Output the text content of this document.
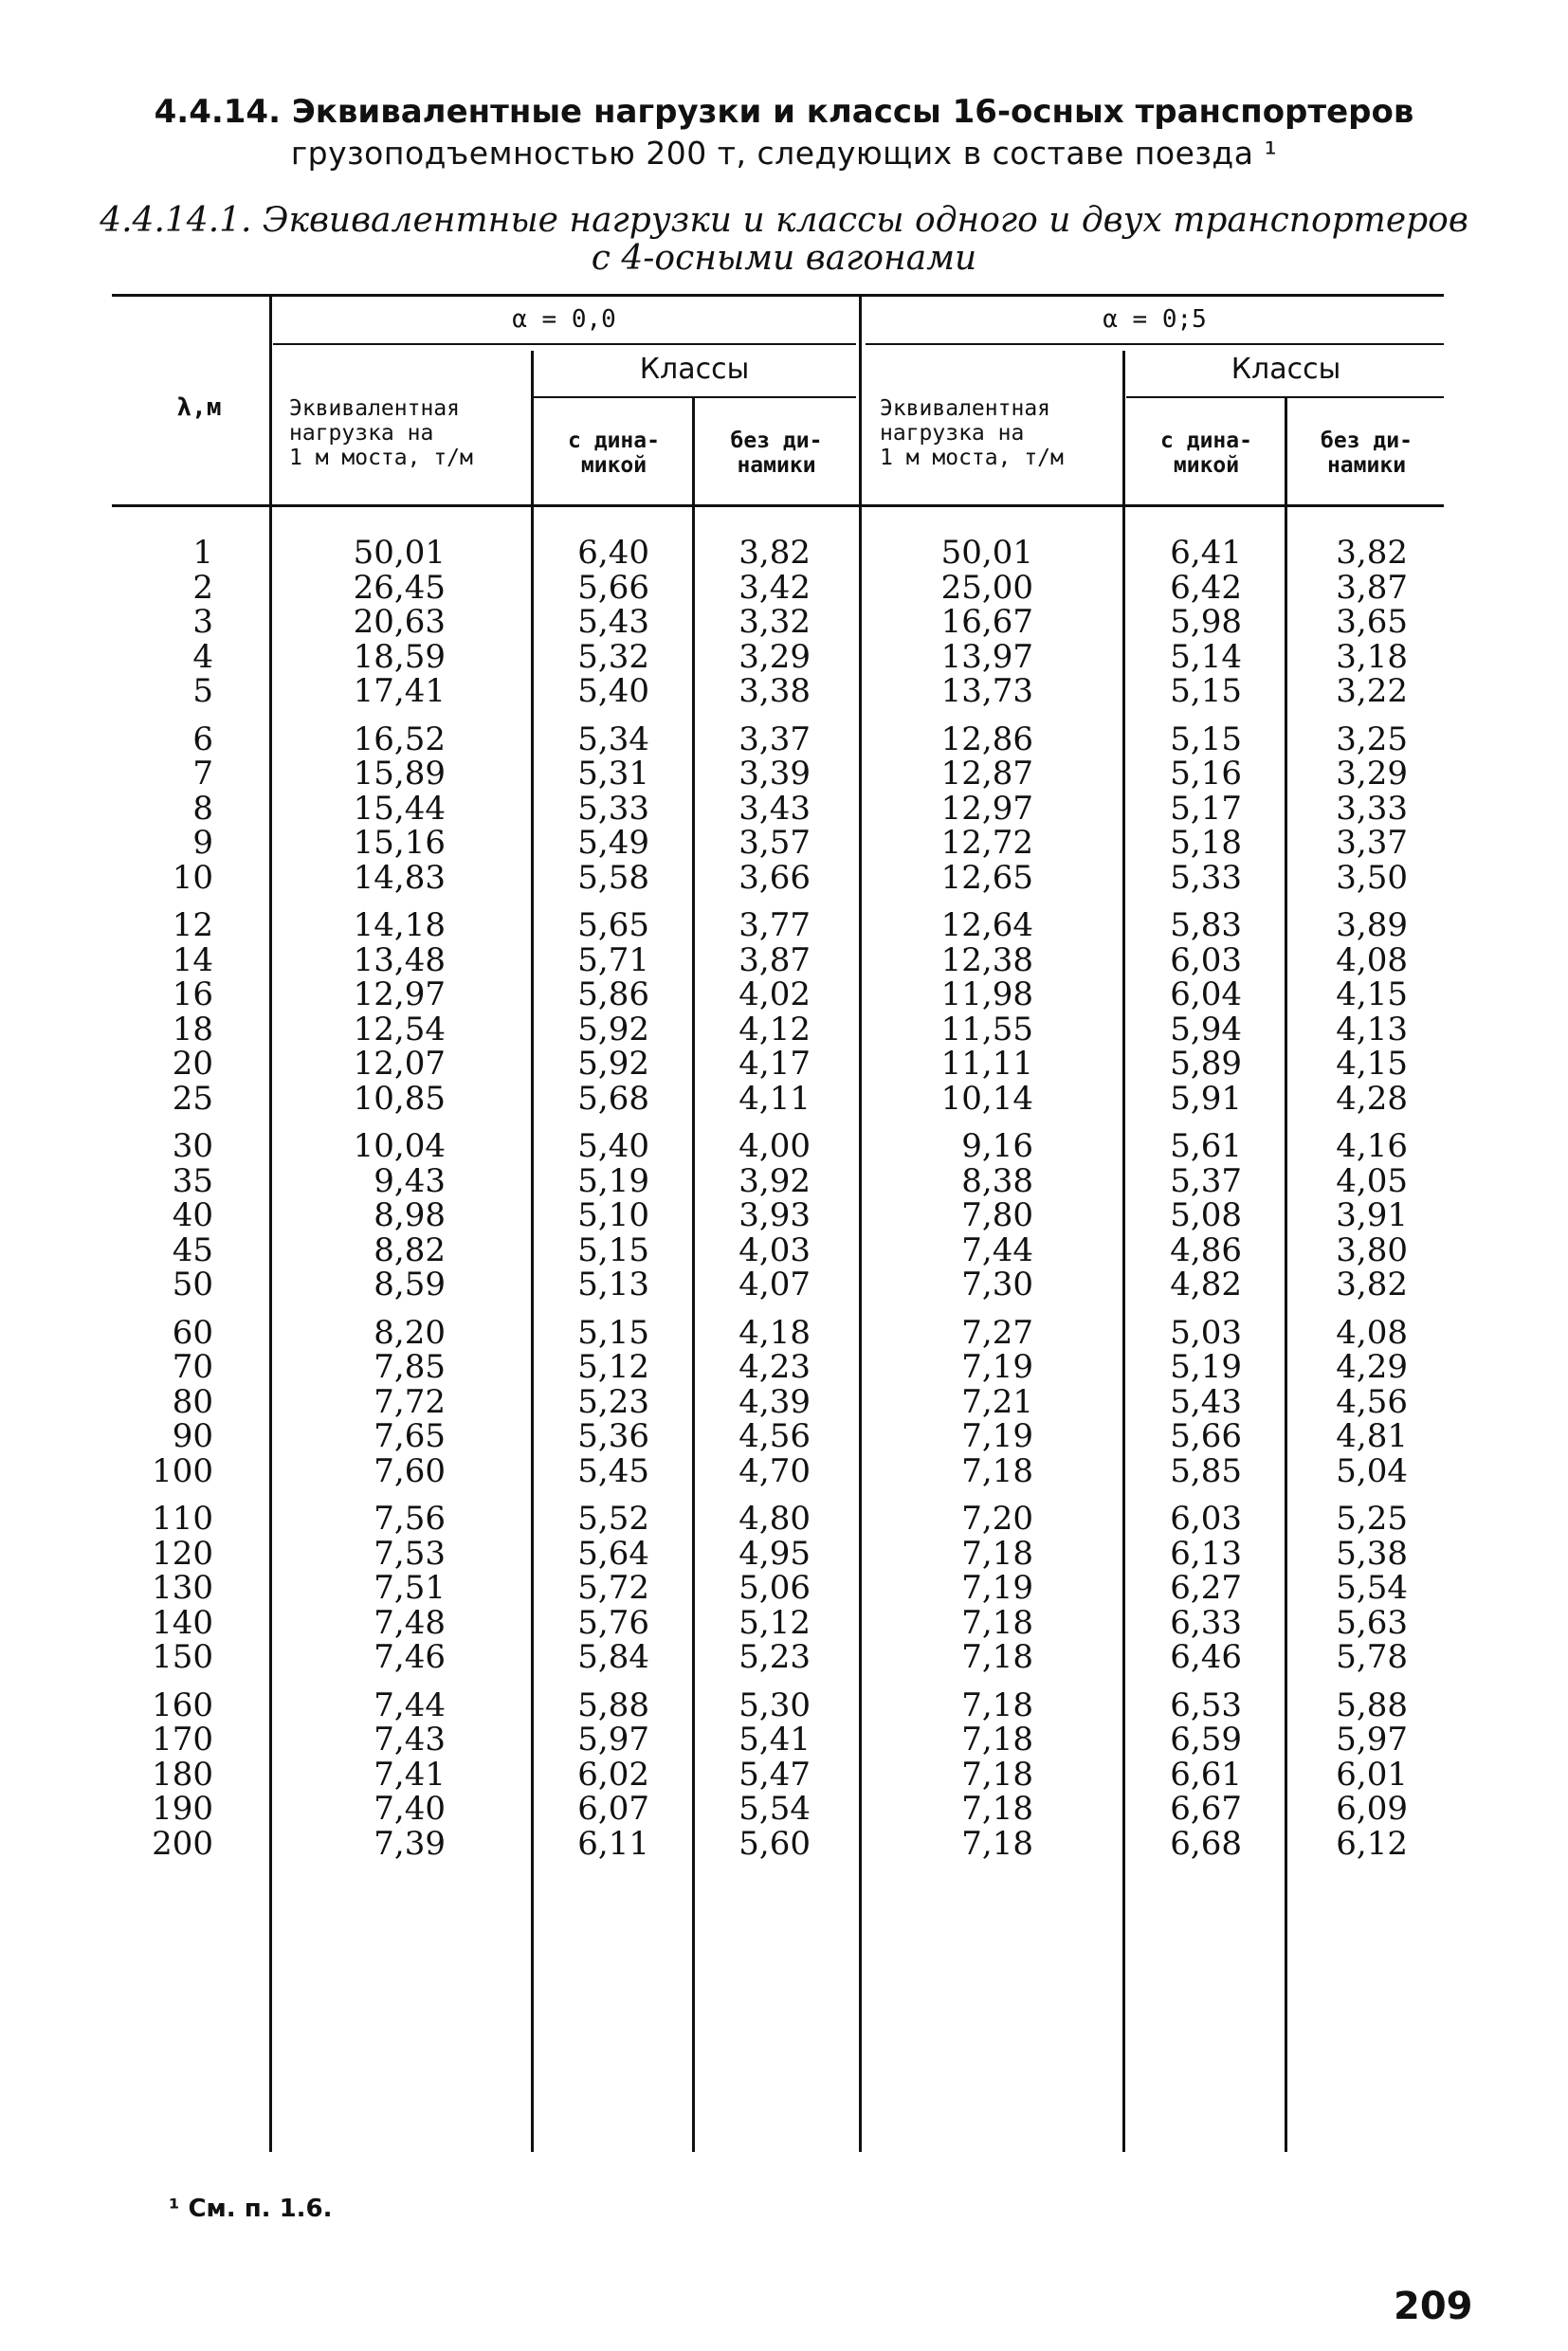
4.4.14. Эквивалентные нагрузки и классы 16-осных транспортеров
грузоподъемностью 200 т, следующих в составе поезда ¹
4.4.14.1. Эквивалентные нагрузки и классы одного и двух транспортеров
с 4-осными вагонами
λ,м
α = 0,0	α = 0;5
Эквивалентная
нагрузка на
1 м моста, т/м
Эквивалентная
нагрузка на
1 м моста, т/м
Классы	Классы
с дина-
микой
без ди-
намики
с дина-
микой
без ди-
намики
1
2
3
4
5
6
7
8
9
10
12
14
16
18
20
25
30
35
40
45
50
60
70
80
90
100
110
120
130
140
150
160
170
180
190
200
50,01
26,45
20,63
18,59
17,41
16,52
15,89
15,44
15,16
14,83
14,18
13,48
12,97
12,54
12,07
10,85
10,04
9,43
8,98
8,82
8,59
8,20
7,85
7,72
7,65
7,60
7,56
7,53
7,51
7,48
7,46
7,44
7,43
7,41
7,40
7,39
6,40
5,66
5,43
5,32
5,40
5,34
5,31
5,33
5,49
5,58
5,65
5,71
5,86
5,92
5,92
5,68
5,40
5,19
5,10
5,15
5,13
5,15
5,12
5,23
5,36
5,45
5,52
5,64
5,72
5,76
5,84
5,88
5,97
6,02
6,07
6,11
3,82
3,42
3,32
3,29
3,38
3,37
3,39
3,43
3,57
3,66
3,77
3,87
4,02
4,12
4,17
4,11
4,00
3,92
3,93
4,03
4,07
4,18
4,23
4,39
4,56
4,70
4,80
4,95
5,06
5,12
5,23
5,30
5,41
5,47
5,54
5,60
50,01
25,00
16,67
13,97
13,73
12,86
12,87
12,97
12,72
12,65
12,64
12,38
11,98
11,55
11,11
10,14
9,16
8,38
7,80
7,44
7,30
7,27
7,19
7,21
7,19
7,18
7,20
7,18
7,19
7,18
7,18
7,18
7,18
7,18
7,18
7,18
6,41
6,42
5,98
5,14
5,15
5,15
5,16
5,17
5,18
5,33
5,83
6,03
6,04
5,94
5,89
5,91
5,61
5,37
5,08
4,86
4,82
5,03
5,19
5,43
5,66
5,85
6,03
6,13
6,27
6,33
6,46
6,53
6,59
6,61
6,67
6,68
3,82
3,87
3,65
3,18
3,22
3,25
3,29
3,33
3,37
3,50
3,89
4,08
4,15
4,13
4,15
4,28
4,16
4,05
3,91
3,80
3,82
4,08
4,29
4,56
4,81
5,04
5,25
5,38
5,54
5,63
5,78
5,88
5,97
6,01
6,09
6,12
¹ См. п. 1.6.
209
